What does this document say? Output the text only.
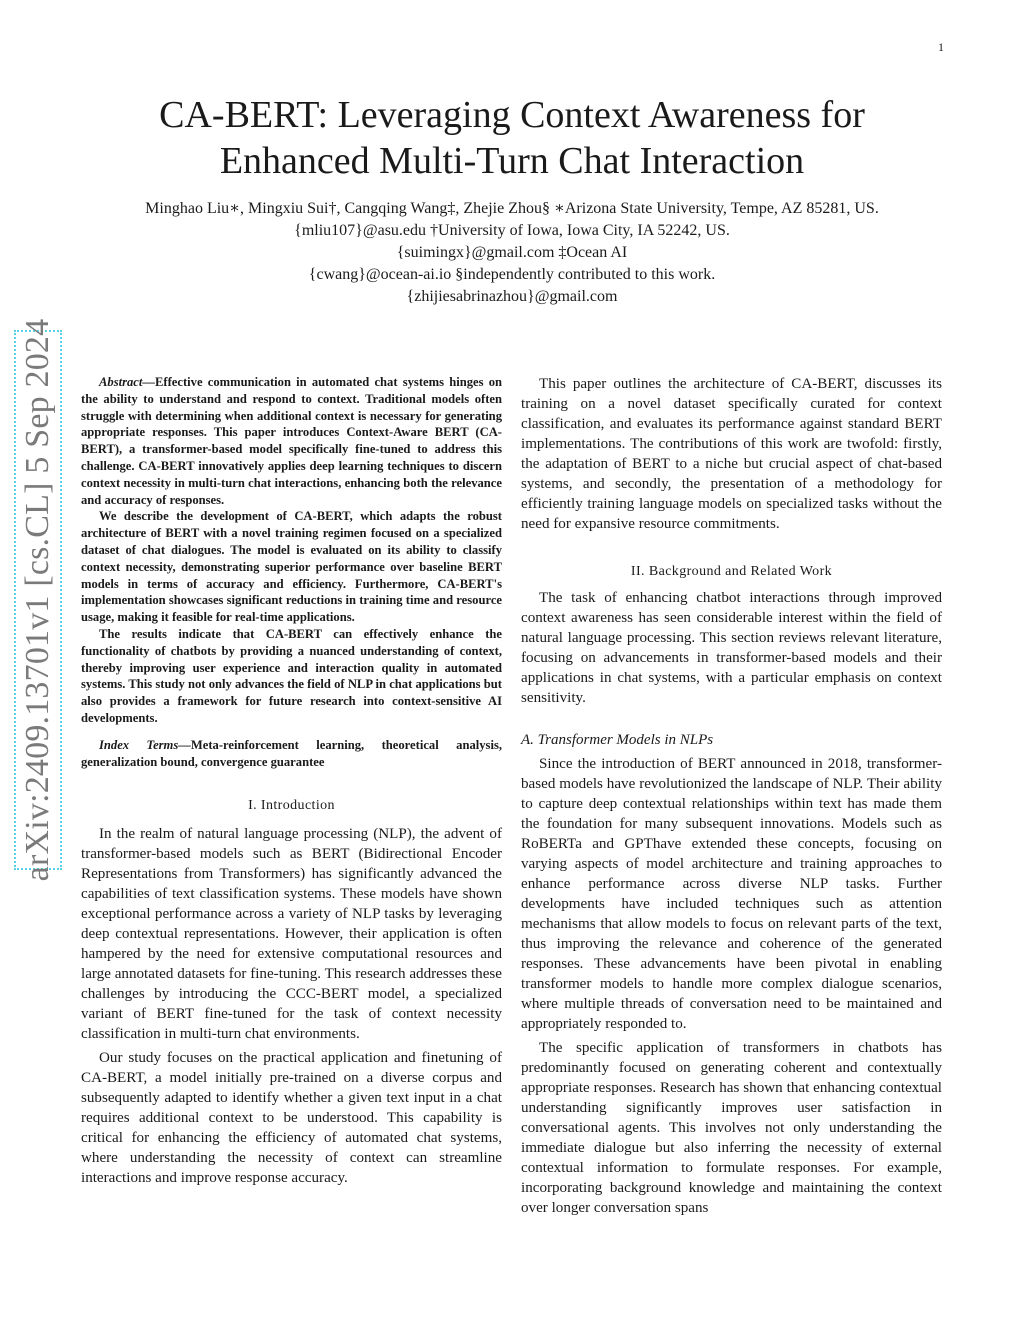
1
arXiv:2409.13701v1 [cs.CL] 5 Sep 2024
CA-BERT: Leveraging Context Awareness for Enhanced Multi-Turn Chat Interaction
Minghao Liu∗, Mingxiu Sui†, Cangqing Wang‡, Zhejie Zhou§ ∗Arizona State University, Tempe, AZ 85281, US.
{mliu107}@asu.edu †University of Iowa, Iowa City, IA 52242, US.
{suimingx}@gmail.com ‡Ocean AI
{cwang}@ocean-ai.io §independently contributed to this work.
{zhijiesabrinazhou}@gmail.com

Abstract—Effective communication in automated chat systems hinges on the ability to understand and respond to context. Traditional models often struggle with determining when additional context is necessary for generating appropriate responses. This paper introduces Context-Aware BERT (CA-BERT), a transformer-based model specifically fine-tuned to address this challenge. CA-BERT innovatively applies deep learning techniques to discern context necessity in multi-turn chat interactions, enhancing both the relevance and accuracy of responses.

We describe the development of CA-BERT, which adapts the robust architecture of BERT with a novel training regimen focused on a specialized dataset of chat dialogues. The model is evaluated on its ability to classify context necessity, demonstrating superior performance over baseline BERT models in terms of accuracy and efficiency. Furthermore, CA-BERT's implementation showcases significant reductions in training time and resource usage, making it feasible for real-time applications.

The results indicate that CA-BERT can effectively enhance the functionality of chatbots by providing a nuanced understanding of context, thereby improving user experience and interaction quality in automated systems. This study not only advances the field of NLP in chat applications but also provides a framework for future research into context-sensitive AI developments.

Index Terms—Meta-reinforcement learning, theoretical analysis, generalization bound, convergence guarantee
I. Introduction

In the realm of natural language processing (NLP), the advent of transformer-based models such as BERT (Bidirectional Encoder Representations from Transformers) has significantly advanced the capabilities of text classification systems. These models have shown exceptional performance across a variety of NLP tasks by leveraging deep contextual representations. However, their application is often hampered by the need for extensive computational resources and large annotated datasets for fine-tuning. This research addresses these challenges by introducing the CCC-BERT model, a specialized variant of BERT fine-tuned for the task of context necessity classification in multi-turn chat environments.

Our study focuses on the practical application and finetuning of CA-BERT, a model initially pre-trained on a diverse corpus and subsequently adapted to identify whether a given text input in a chat requires additional context to be understood. This capability is critical for enhancing the efficiency of automated chat systems, where understanding the necessity of context can streamline interactions and improve response accuracy.

This paper outlines the architecture of CA-BERT, discusses its training on a novel dataset specifically curated for context classification, and evaluates its performance against standard BERT implementations. The contributions of this work are twofold: firstly, the adaptation of BERT to a niche but crucial aspect of chat-based systems, and secondly, the presentation of a methodology for efficiently training language models on specialized tasks without the need for expansive resource commitments.

II. Background and Related Work

The task of enhancing chatbot interactions through improved context awareness has seen considerable interest within the field of natural language processing. This section reviews relevant literature, focusing on advancements in transformer-based models and their applications in chat systems, with a particular emphasis on context sensitivity.

A. Transformer Models in NLPs

Since the introduction of BERT announced in 2018, transformer-based models have revolutionized the landscape of NLP. Their ability to capture deep contextual relationships within text has made them the foundation for many subsequent innovations. Models such as RoBERTa and GPThave extended these concepts, focusing on varying aspects of model architecture and training approaches to enhance performance across diverse NLP tasks. Further developments have included techniques such as attention mechanisms that allow models to focus on relevant parts of the text, thus improving the relevance and coherence of the generated responses. These advancements have been pivotal in enabling transformer models to handle more complex dialogue scenarios, where multiple threads of conversation need to be maintained and appropriately responded to.

The specific application of transformers in chatbots has predominantly focused on generating coherent and contextually appropriate responses. Research has shown that enhancing contextual understanding significantly improves user satisfaction in conversational agents. This involves not only understanding the immediate dialogue but also inferring the necessity of external contextual information to formulate responses. For example, incorporating background knowledge and maintaining the context over longer conversation spans
